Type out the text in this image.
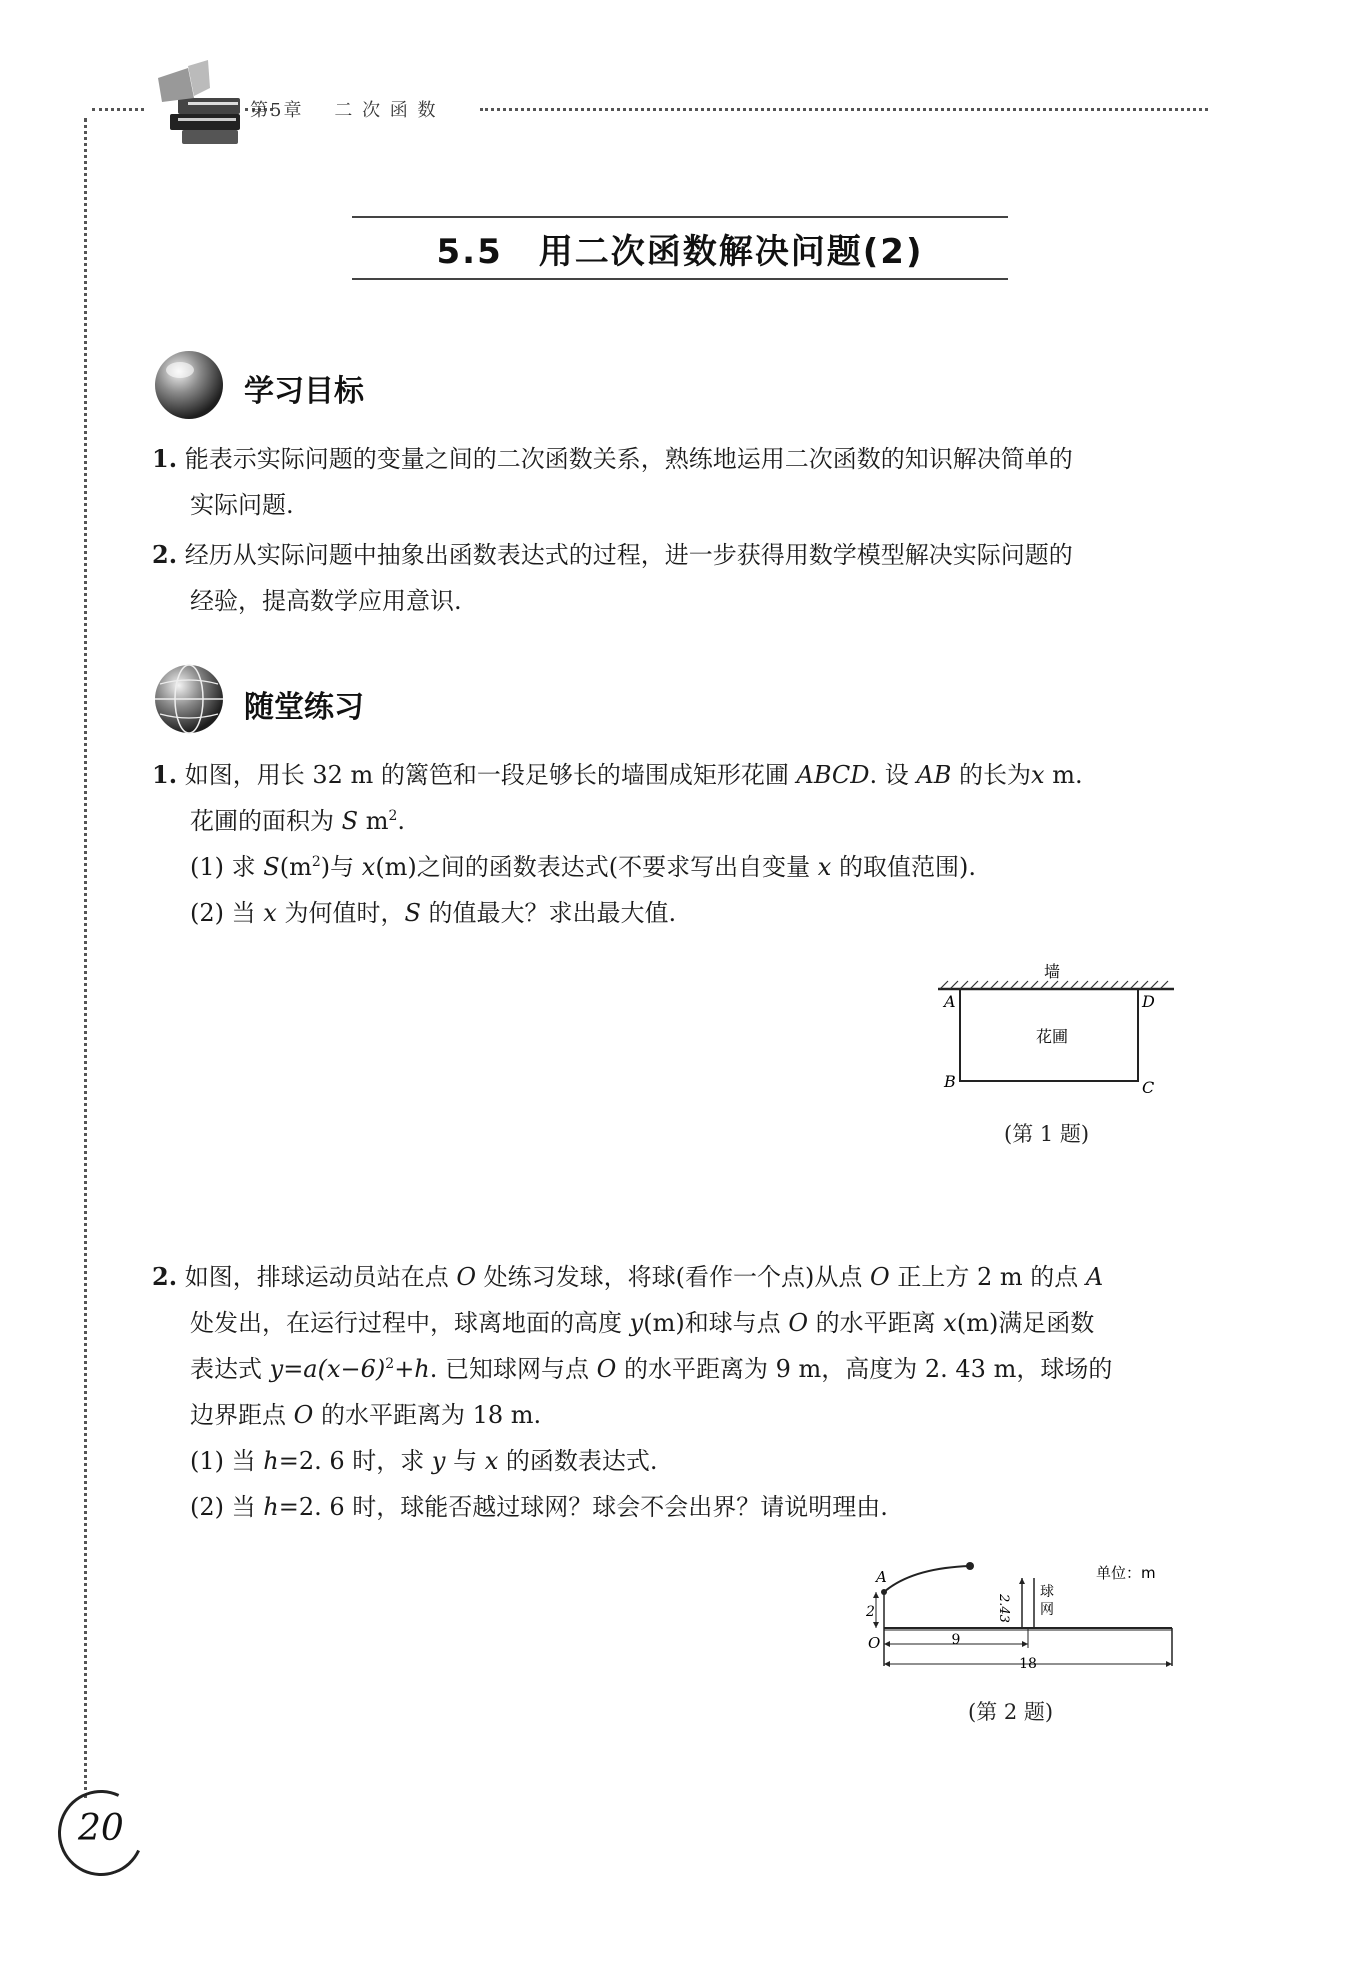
第5章 二 次 函 数
5.5　用二次函数解决问题(2)
学习目标
1. 能表示实际问题的变量之间的二次函数关系，熟练地运用二次函数的知识解决简单的
实际问题.
2. 经历从实际问题中抽象出函数表达式的过程，进一步获得用数学模型解决实际问题的
经验，提高数学应用意识.
随堂练习
1. 如图，用长 32 m 的篱笆和一段足够长的墙围成矩形花圃 ABCD. 设 AB 的长为x m.
花圃的面积为 S $m^2$.
(1) 求 $S(m^2)$与 x(m)之间的函数表达式(不要求写出自变量 x 的取值范围).
(2) 当 x 为何值时，S 的值最大？求出最大值.
墙
花圃
A	D
B	C
(第 1 题)
2. 如图，排球运动员站在点 O 处练习发球，将球(看作一个点)从点 O 正上方 2 m 的点 A
处发出，在运行过程中，球离地面的高度 y(m)和球与点 O 的水平距离 x(m)满足函数
表达式 $y=a(x-6)^2+h$. 已知球网与点 O 的水平距离为 9 m，高度为 2. 43 m，球场的
边界距点 O 的水平距离为 18 m.
(1) 当 h=2. 6 时，求 y 与 x 的函数表达式.
(2) 当 h=2. 6 时，球能否越过球网？球会不会出界？请说明理由.
2
A
O
2.43
球
网
单位：m
9
18
(第 2 题)
20
